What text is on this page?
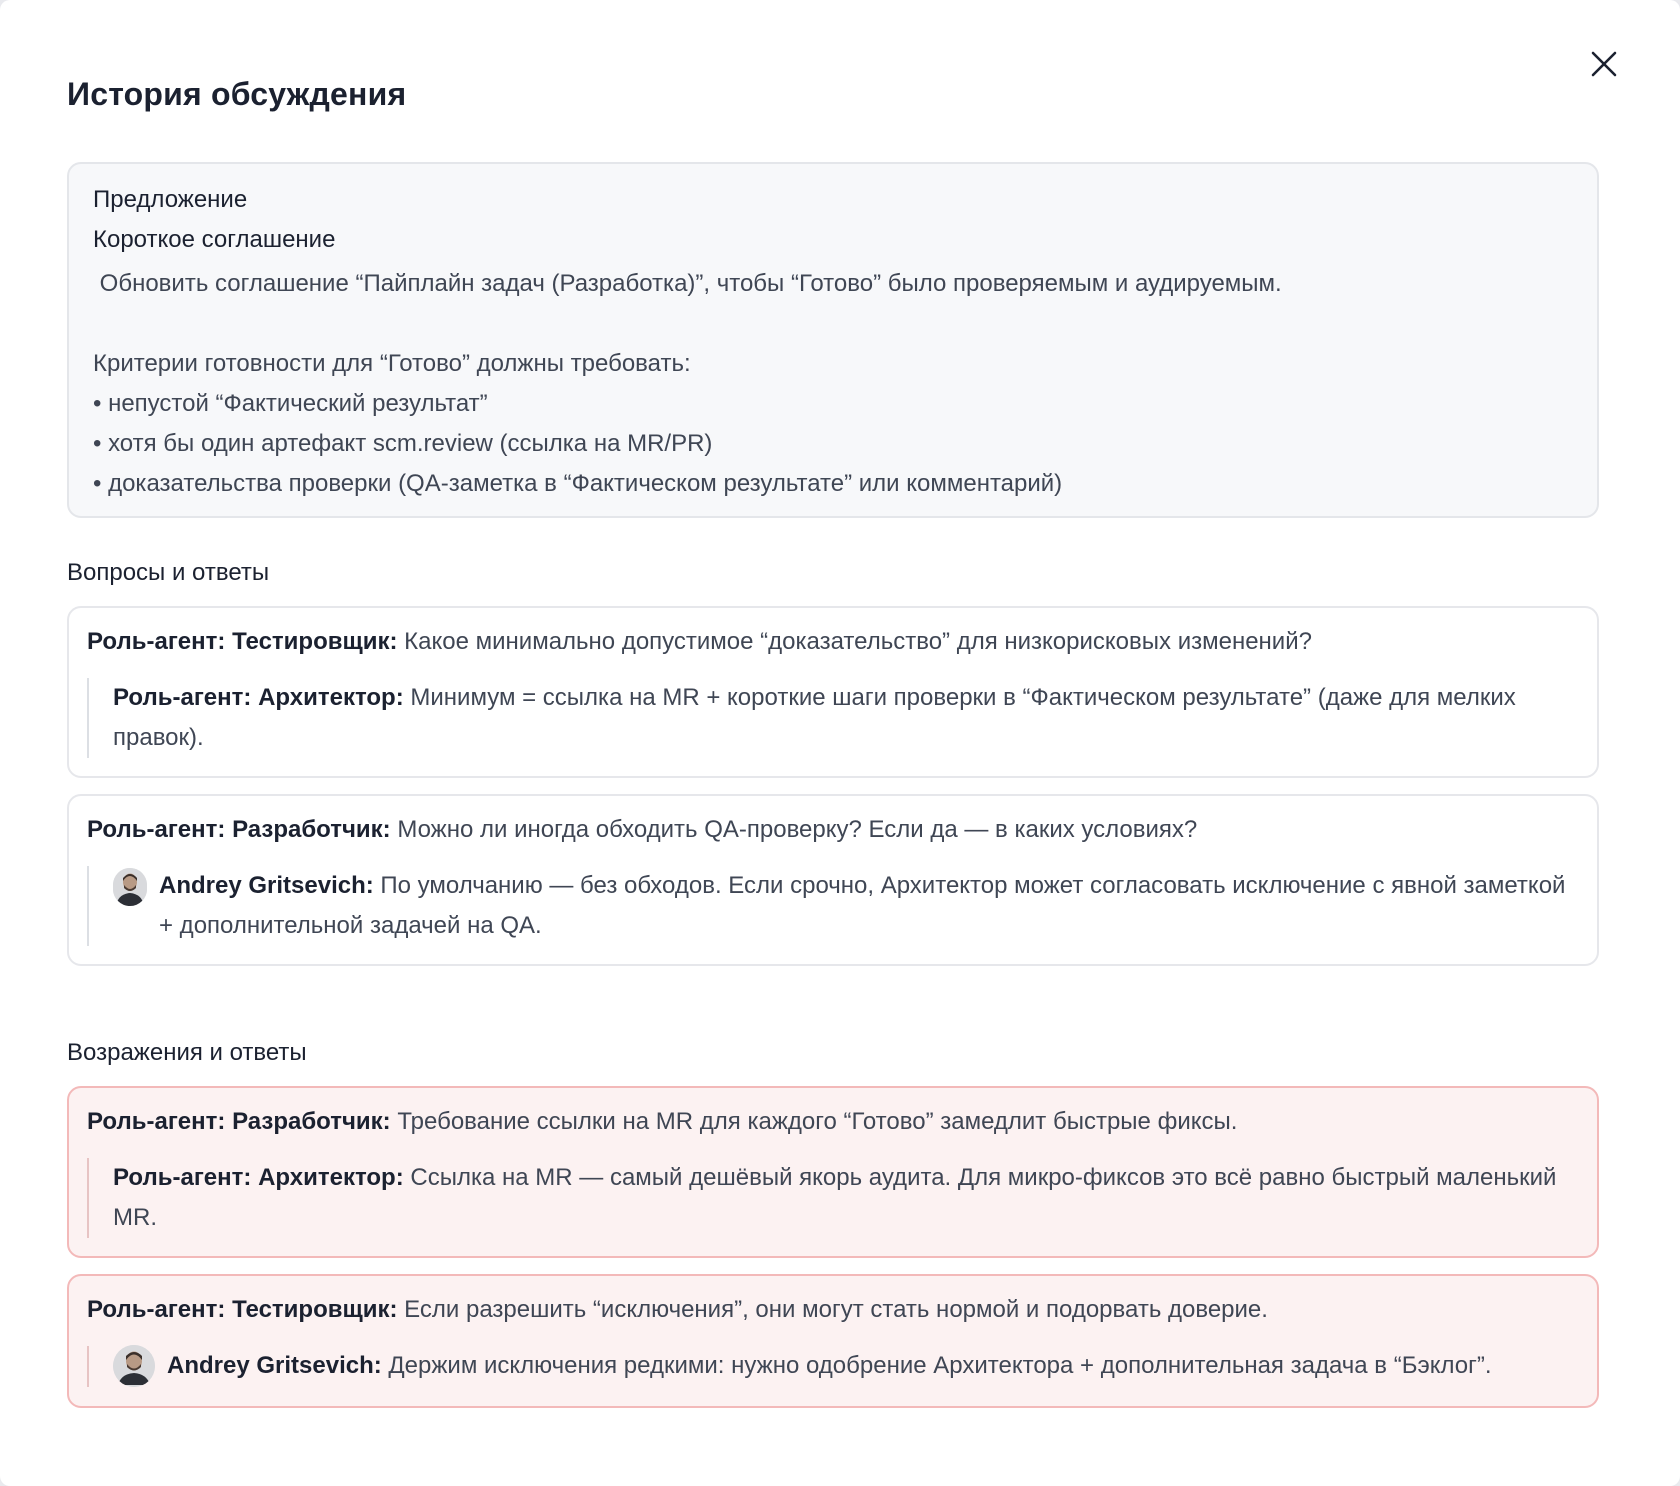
История обсуждения
Предложение
Короткое соглашение
Обновить соглашение “Пайплайн задач (Разработка)”, чтобы “Готово” было проверяемым и аудируемым.
Критерии готовности для “Готово” должны требовать:
• непустой “Фактический результат”
• хотя бы один артефакт scm.review (ссылка на MR/PR)
• доказательства проверки (QA-заметка в “Фактическом результате” или комментарий)
Вопросы и ответы
Роль-агент: Тестировщик: Какое минимально допустимое “доказательство” для низкорисковых изменений?
Роль-агент: Архитектор: Минимум = ссылка на MR + короткие шаги проверки в “Фактическом результате” (даже для мелких правок).
Роль-агент: Разработчик: Можно ли иногда обходить QA-проверку? Если да — в каких условиях?
Andrey Gritsevich: По умолчанию — без обходов. Если срочно, Архитектор может согласовать исключение с явной заметкой + дополнительной задачей на QA.
Возражения и ответы
Роль-агент: Разработчик: Требование ссылки на MR для каждого “Готово” замедлит быстрые фиксы.
Роль-агент: Архитектор: Ссылка на MR — самый дешёвый якорь аудита. Для микро-фиксов это всё равно быстрый маленький MR.
Роль-агент: Тестировщик: Если разрешить “исключения”, они могут стать нормой и подорвать доверие.
Andrey Gritsevich: Держим исключения редкими: нужно одобрение Архитектора + дополнительная задача в “Бэклог”.
